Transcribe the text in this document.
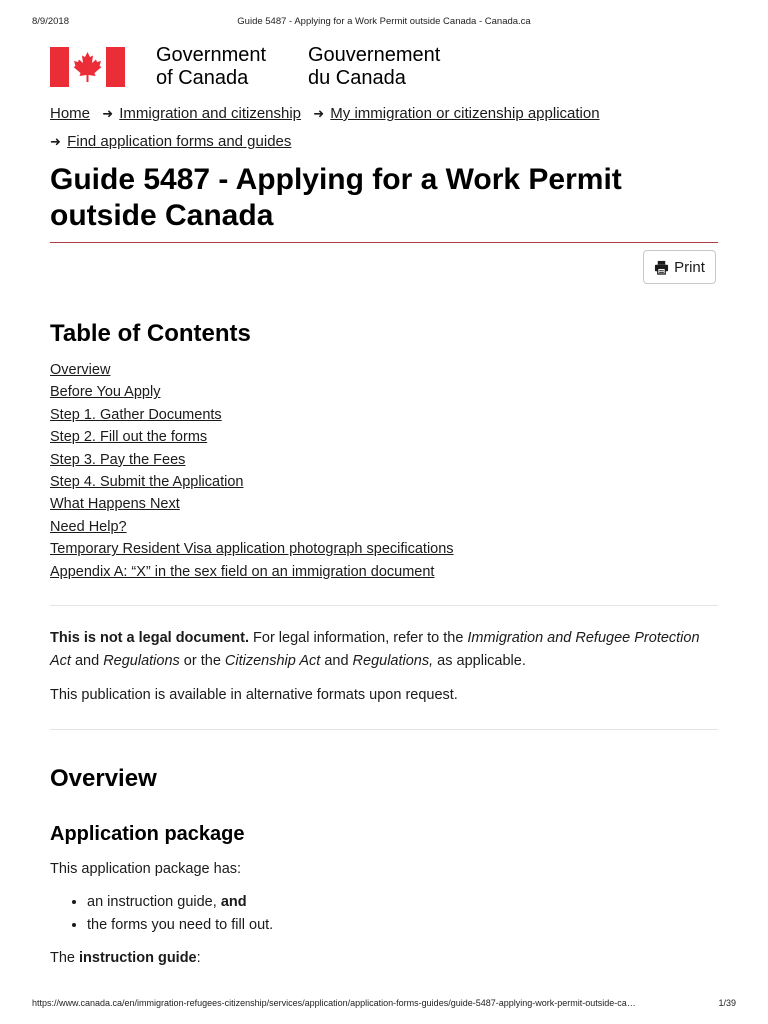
8/9/2018	Guide 5487 - Applying for a Work Permit outside Canada - Canada.ca
Government
of Canada
Gouvernement
du Canada
Home ➜ Immigration and citizenship ➜ My immigration or citizenship application
➜ Find application forms and guides
Guide 5487 - Applying for a Work Permit outside Canada
Print
Table of Contents
Overview
Before You Apply
Step 1. Gather Documents
Step 2. Fill out the forms
Step 3. Pay the Fees
Step 4. Submit the Application
What Happens Next
Need Help?
Temporary Resident Visa application photograph specifications
Appendix A: “X” in the sex field on an immigration document

This is not a legal document. For legal information, refer to the Immigration and Refugee Protection Act and Regulations or the Citizenship Act and Regulations, as applicable.

This publication is available in alternative formats upon request.

Overview
Application package

This application package has:

• an instruction guide, and
• the forms you need to fill out.

The instruction guide:

https://www.canada.ca/en/immigration-refugees-citizenship/services/application/application-forms-guides/guide-5487-applying-work-permit-outside-ca…	1/39
